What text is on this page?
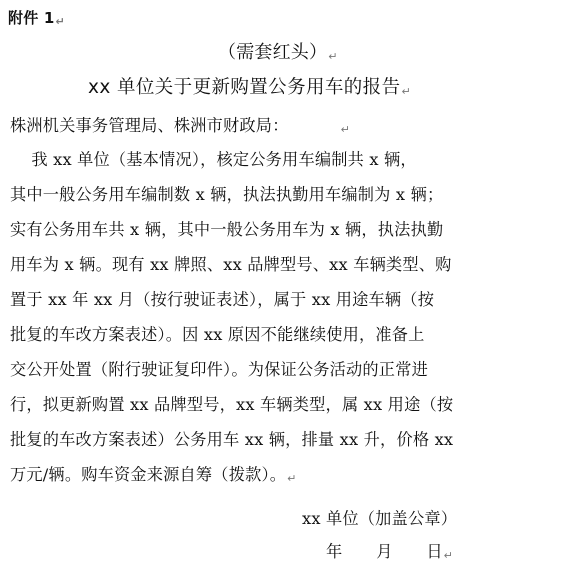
附件 1↵
（需套红头）↵
xx 单位关于更新购置公务用车的报告↵
株洲机关事务管理局、株洲市财政局：	↵
我 xx 单位（基本情况），核定公务用车编制共 x 辆，
其中一般公务用车编制数 x 辆，执法执勤用车编制为 x 辆；
实有公务用车共 x 辆，其中一般公务用车为 x 辆，执法执勤
用车为 x 辆。现有 xx 牌照、xx 品牌型号、xx 车辆类型、购
置于 xx 年 xx 月（按行驶证表述），属于 xx 用途车辆（按
批复的车改方案表述）。因 xx 原因不能继续使用，准备上
交公开处置（附行驶证复印件）。为保证公务活动的正常进
行，拟更新购置 xx 品牌型号，xx 车辆类型，属 xx 用途（按
批复的车改方案表述）公务用车 xx 辆，排量 xx 升，价格 xx
万元/辆。购车资金来源自筹（拨款）。↵
xx 单位（加盖公章）
年 月 日↵
